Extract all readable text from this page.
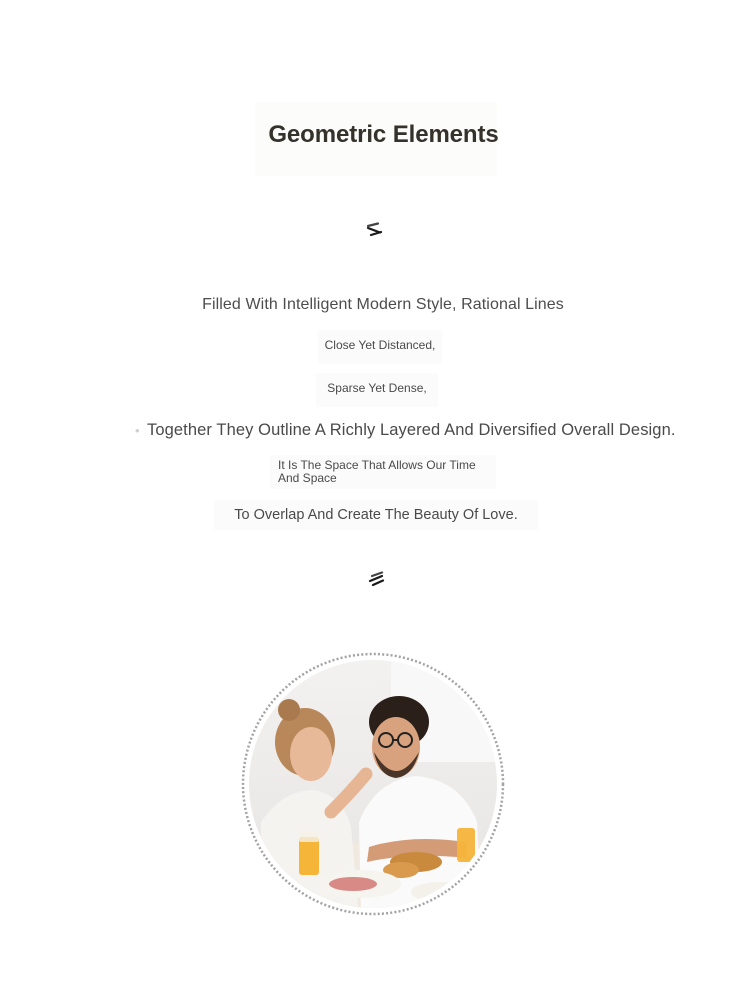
Geometric Elements
Filled With Intelligent Modern Style, Rational Lines
Close Yet Distanced,
Sparse Yet Dense,
• Together They Outline A Richly Layered And Diversified Overall Design.
It Is The Space That Allows Our Time
And Space
To Overlap And Create The Beauty Of Love.
